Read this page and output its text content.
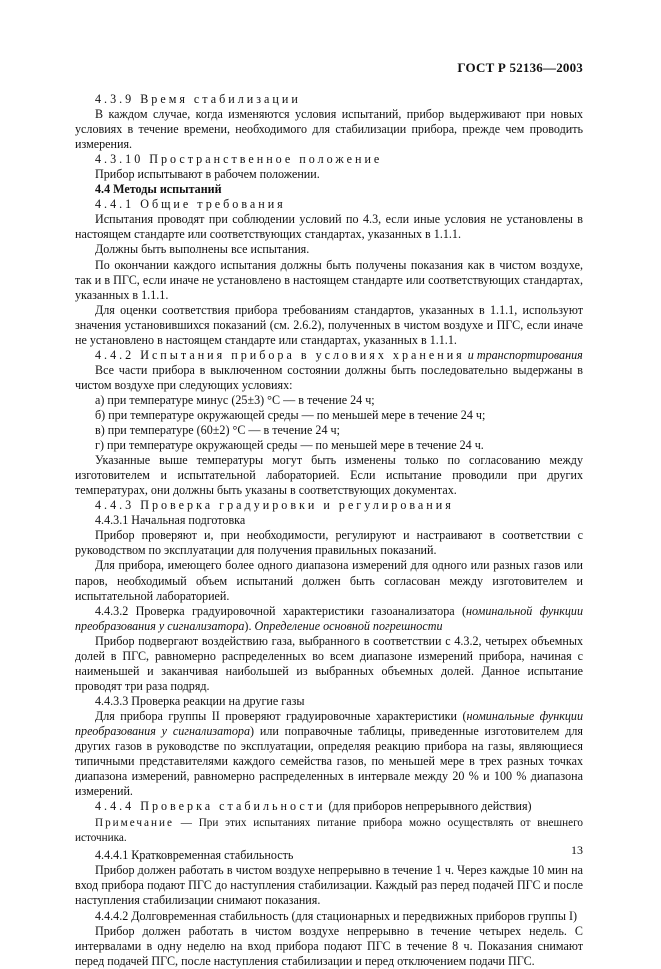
ГОСТ Р 52136—2003

4.3.9 Время стабилизации

В каждом случае, когда изменяются условия испытаний, прибор выдерживают при новых условиях в течение времени, необходимого для стабилизации прибора, прежде чем проводить измерения.

4.3.10 Пространственное положение

Прибор испытывают в рабочем положении.

4.4 Методы испытаний

4.4.1 Общие требования

Испытания проводят при соблюдении условий по 4.3, если иные условия не установлены в настоящем стандарте или соответствующих стандартах, указанных в 1.1.1.

Должны быть выполнены все испытания.

По окончании каждого испытания должны быть получены показания как в чистом воздухе, так и в ПГС, если иначе не установлено в настоящем стандарте или соответствующих стандартах, указанных в 1.1.1.

Для оценки соответствия прибора требованиям стандартов, указанных в 1.1.1, используют значения установившихся показаний (см. 2.6.2), полученных в чистом воздухе и ПГС, если иначе не установлено в настоящем стандарте или стандартах, указанных в 1.1.1.

4.4.2 Испытания прибора в условиях хранения и транспортирования

Все части прибора в выключенном состоянии должны быть последовательно выдержаны в чистом воздухе при следующих условиях:

а) при температуре минус (25±3) °С — в течение 24 ч;

б) при температуре окружающей среды — по меньшей мере в течение 24 ч;

в) при температуре (60±2) °С — в течение 24 ч;

г) при температуре окружающей среды — по меньшей мере в течение 24 ч.

Указанные выше температуры могут быть изменены только по согласованию между изготовителем и испытательной лабораторией. Если испытание проводили при других температурах, они должны быть указаны в соответствующих документах.

4.4.3 Проверка градуировки и регулирования

4.4.3.1 Начальная подготовка

Прибор проверяют и, при необходимости, регулируют и настраивают в соответствии с руководством по эксплуатации для получения правильных показаний.

Для прибора, имеющего более одного диапазона измерений для одного или разных газов или паров, необходимый объем испытаний должен быть согласован между изготовителем и испытательной лабораторией.

4.4.3.2 Проверка градуировочной характеристики газоанализатора (номинальной функции преобразования у сигнализатора). Определение основной погрешности

Прибор подвергают воздействию газа, выбранного в соответствии с 4.3.2, четырех объемных долей в ПГС, равномерно распределенных во всем диапазоне измерений прибора, начиная с наименьшей и заканчивая наибольшей из выбранных объемных долей. Данное испытание проводят три раза подряд.

4.4.3.3 Проверка реакции на другие газы

Для прибора группы II проверяют градуировочные характеристики (номинальные функции преобразования у сигнализатора) или поправочные таблицы, приведенные изготовителем для других газов в руководстве по эксплуатации, определяя реакцию прибора на газы, являющиеся типичными представителями каждого семейства газов, по меньшей мере в трех разных точках диапазона измерений, равномерно распределенных в интервале между 20 % и 100 % диапазона измерений.

4.4.4 Проверка стабильности (для приборов непрерывного действия)

Примечание — При этих испытаниях питание прибора можно осуществлять от внешнего источника.

4.4.4.1 Кратковременная стабильность

Прибор должен работать в чистом воздухе непрерывно в течение 1 ч. Через каждые 10 мин на вход прибора подают ПГС до наступления стабилизации. Каждый раз перед подачей ПГС и после наступления стабилизации снимают показания.

4.4.4.2 Долговременная стабильность (для стационарных и передвижных приборов группы I)

Прибор должен работать в чистом воздухе непрерывно в течение четырех недель. С интервалами в одну неделю на вход прибора подают ПГС в течение 8 ч. Показания снимают перед подачей ПГС, после наступления стабилизации и перед отключением подачи ПГС.

13
